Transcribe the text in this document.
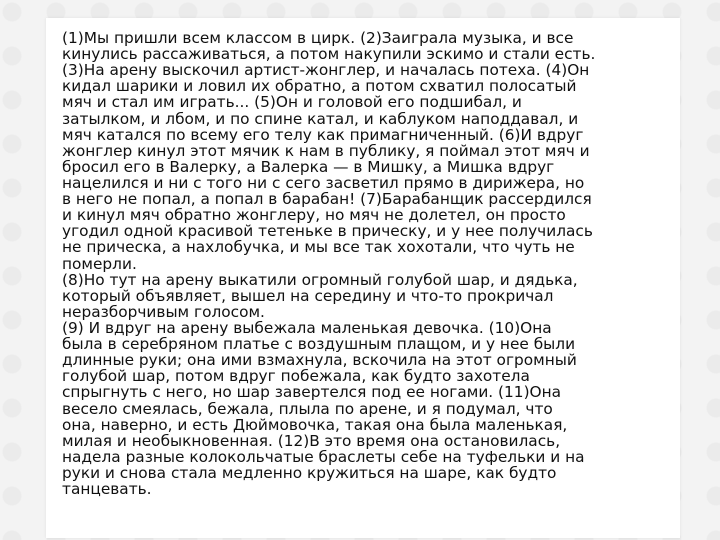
(1)Мы пришли всем классом в цирк. (2)Заиграла музыка, и все
кинулись рассаживаться, а потом накупили эскимо и стали есть.
(3)На арену выскочил артист-жонглер, и началась потеха. (4)Он
кидал шарики и ловил их обратно, а потом схватил полосатый
мяч и стал им играть... (5)Он и головой его подшибал, и
затылком, и лбом, и по спине катал, и каблуком наподдавал, и
мяч катался по всему его телу как примагниченный. (6)И вдруг
жонглер кинул этот мячик к нам в публику, я поймал этот мяч и
бросил его в Валерку, а Валерка — в Мишку, а Мишка вдруг
нацелился и ни с того ни с сего засветил прямо в дирижера, но
в него не попал, а попал в барабан! (7)Барабанщик рассердился
и кинул мяч обратно жонглеру, но мяч не долетел, он просто
угодил одной красивой тетеньке в прическу, и у нее получилась
не прическа, а нахлобучка, и мы все так хохотали, что чуть не
померли.
(8)Но тут на арену выкатили огромный голубой шар, и дядька,
который объявляет, вышел на середину и что-то прокричал
неразборчивым голосом.
(9) И вдруг на арену выбежала маленькая девочка. (10)Она
была в серебряном платье с воздушным плащом, и у нее были
длинные руки; она ими взмахнула, вскочила на этот огромный
голубой шар, потом вдруг побежала, как будто захотела
спрыгнуть с него, но шар завертелся под ее ногами. (11)Она
весело смеялась, бежала, плыла по арене, и я подумал, что
она, наверно, и есть Дюймовочка, такая она была маленькая,
милая и необыкновенная. (12)В это время она остановилась,
надела разные колокольчатые браслеты себе на туфельки и на
руки и снова стала медленно кружиться на шаре, как будто
танцевать.
